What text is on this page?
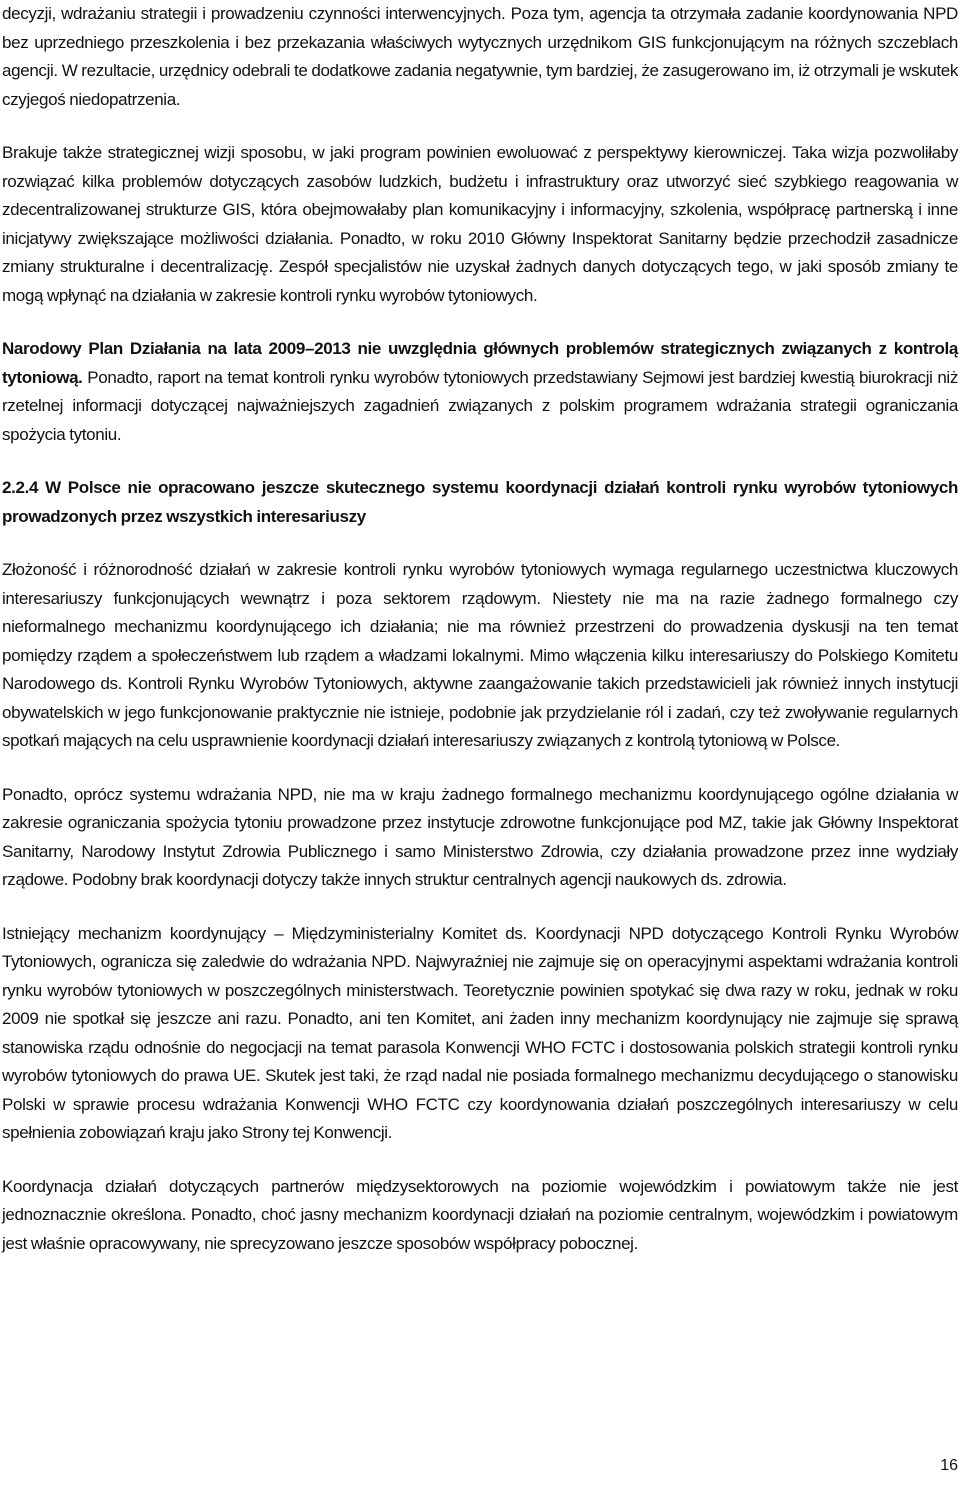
decyzji, wdrażaniu strategii i prowadzeniu czynności interwencyjnych. Poza tym, agencja ta otrzymała zadanie koordynowania NPD bez uprzedniego przeszkolenia i bez przekazania właściwych wytycznych urzędnikom GIS funkcjonującym na różnych szczeblach agencji. W rezultacie, urzędnicy odebrali te dodatkowe zadania negatywnie, tym bardziej, że zasugerowano im, iż otrzymali je wskutek czyjegoś niedopatrzenia.

Brakuje także strategicznej wizji sposobu, w jaki program powinien ewoluować z perspektywy kierowniczej. Taka wizja pozwoliłaby rozwiązać kilka problemów dotyczących zasobów ludzkich, budżetu i infrastruktury oraz utworzyć sieć szybkiego reagowania w zdecentralizowanej strukturze GIS, która obejmowałaby plan komunikacyjny i informacyjny, szkolenia, współpracę partnerską i inne inicjatywy zwiększające możliwości działania. Ponadto, w roku 2010 Główny Inspektorat Sanitarny będzie przechodził zasadnicze zmiany strukturalne i decentralizację. Zespół specjalistów nie uzyskał żadnych danych dotyczących tego, w jaki sposób zmiany te mogą wpłynąć na działania w zakresie kontroli rynku wyrobów tytoniowych.

Narodowy Plan Działania na lata 2009–2013 nie uwzględnia głównych problemów strategicznych związanych z kontrolą tytoniową. Ponadto, raport na temat kontroli rynku wyrobów tytoniowych przedstawiany Sejmowi jest bardziej kwestią biurokracji niż rzetelnej informacji dotyczącej najważniejszych zagadnień związanych z polskim programem wdrażania strategii ograniczania spożycia tytoniu.

2.2.4 W Polsce nie opracowano jeszcze skutecznego systemu koordynacji działań kontroli rynku wyrobów tytoniowych prowadzonych przez wszystkich interesariuszy

Złożoność i różnorodność działań w zakresie kontroli rynku wyrobów tytoniowych wymaga regularnego uczestnictwa kluczowych interesariuszy funkcjonujących wewnątrz i poza sektorem rządowym. Niestety nie ma na razie żadnego formalnego czy nieformalnego mechanizmu koordynującego ich działania; nie ma również przestrzeni do prowadzenia dyskusji na ten temat pomiędzy rządem a społeczeństwem lub rządem a władzami lokalnymi. Mimo włączenia kilku interesariuszy do Polskiego Komitetu Narodowego ds. Kontroli Rynku Wyrobów Tytoniowych, aktywne zaangażowanie takich przedstawicieli jak również innych instytucji obywatelskich w jego funkcjonowanie praktycznie nie istnieje, podobnie jak przydzielanie ról i zadań, czy też zwoływanie regularnych spotkań mających na celu usprawnienie koordynacji działań interesariuszy związanych z kontrolą tytoniową w Polsce.

Ponadto, oprócz systemu wdrażania NPD, nie ma w kraju żadnego formalnego mechanizmu koordynującego ogólne działania w zakresie ograniczania spożycia tytoniu prowadzone przez instytucje zdrowotne funkcjonujące pod MZ, takie jak Główny Inspektorat Sanitarny, Narodowy Instytut Zdrowia Publicznego i samo Ministerstwo Zdrowia, czy działania prowadzone przez inne wydziały rządowe. Podobny brak koordynacji dotyczy także innych struktur centralnych agencji naukowych ds. zdrowia.

Istniejący mechanizm koordynujący – Międzyministerialny Komitet ds. Koordynacji NPD dotyczącego Kontroli Rynku Wyrobów Tytoniowych, ogranicza się zaledwie do wdrażania NPD. Najwyraźniej nie zajmuje się on operacyjnymi aspektami wdrażania kontroli rynku wyrobów tytoniowych w poszczególnych ministerstwach. Teoretycznie powinien spotykać się dwa razy w roku, jednak w roku 2009 nie spotkał się jeszcze ani razu. Ponadto, ani ten Komitet, ani żaden inny mechanizm koordynujący nie zajmuje się sprawą stanowiska rządu odnośnie do negocjacji na temat parasola Konwencji WHO FCTC i dostosowania polskich strategii kontroli rynku wyrobów tytoniowych do prawa UE. Skutek jest taki, że rząd nadal nie posiada formalnego mechanizmu decydującego o stanowisku Polski w sprawie procesu wdrażania Konwencji WHO FCTC czy koordynowania działań poszczególnych interesariuszy w celu spełnienia zobowiązań kraju jako Strony tej Konwencji.

Koordynacja działań dotyczących partnerów międzysektorowych na poziomie wojewódzkim i powiatowym także nie jest jednoznacznie określona. Ponadto, choć jasny mechanizm koordynacji działań na poziomie centralnym, wojewódzkim i powiatowym jest właśnie opracowywany, nie sprecyzowano jeszcze sposobów współpracy pobocznej.

16
